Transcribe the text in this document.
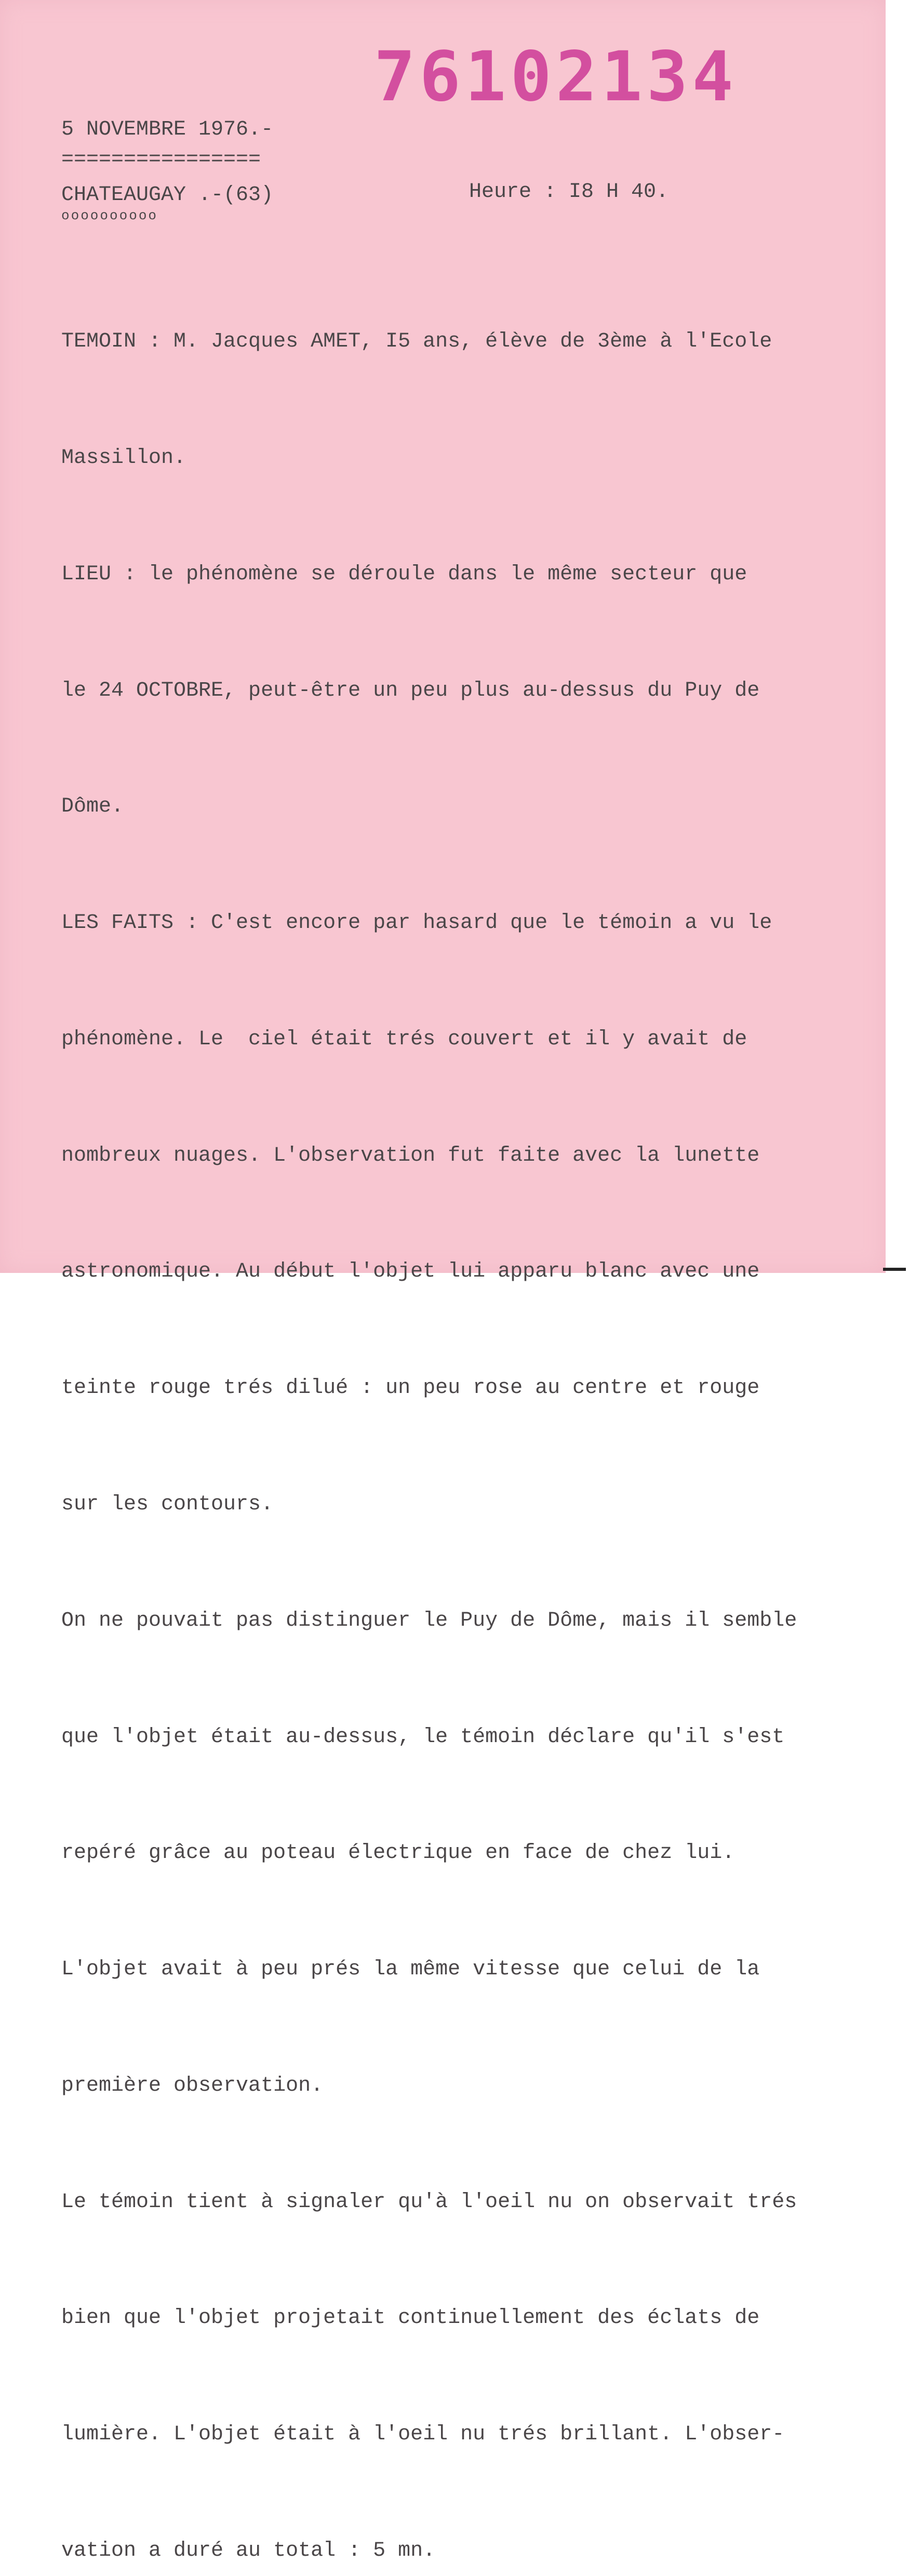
76102134
5 NOVEMBRE 1976.-
================
CHATEAUGAY .-(63)
oooooooooo
Heure : I8 H 40.

TEMOIN : M. Jacques AMET, I5 ans, élève de 3ème à l'Ecole

Massillon.

LIEU : le phénomène se déroule dans le même secteur que

le 24 OCTOBRE, peut-être un peu plus au-dessus du Puy de

Dôme.

LES FAITS : C'est encore par hasard que le témoin a vu le

phénomène. Le  ciel était trés couvert et il y avait de

nombreux nuages. L'observation fut faite avec la lunette

astronomique. Au début l'objet lui apparu blanc avec une

teinte rouge trés dilué : un peu rose au centre et rouge

sur les contours.

On ne pouvait pas distinguer le Puy de Dôme, mais il semble

que l'objet était au-dessus, le témoin déclare qu'il s'est

repéré grâce au poteau électrique en face de chez lui.

L'objet avait à peu prés la même vitesse que celui de la

première observation.

Le témoin tient à signaler qu'à l'oeil nu on observait trés

bien que l'objet projetait continuellement des éclats de

lumière. L'objet était à l'oeil nu trés brillant. L'obser-

vation a duré au total : 5 mn.
